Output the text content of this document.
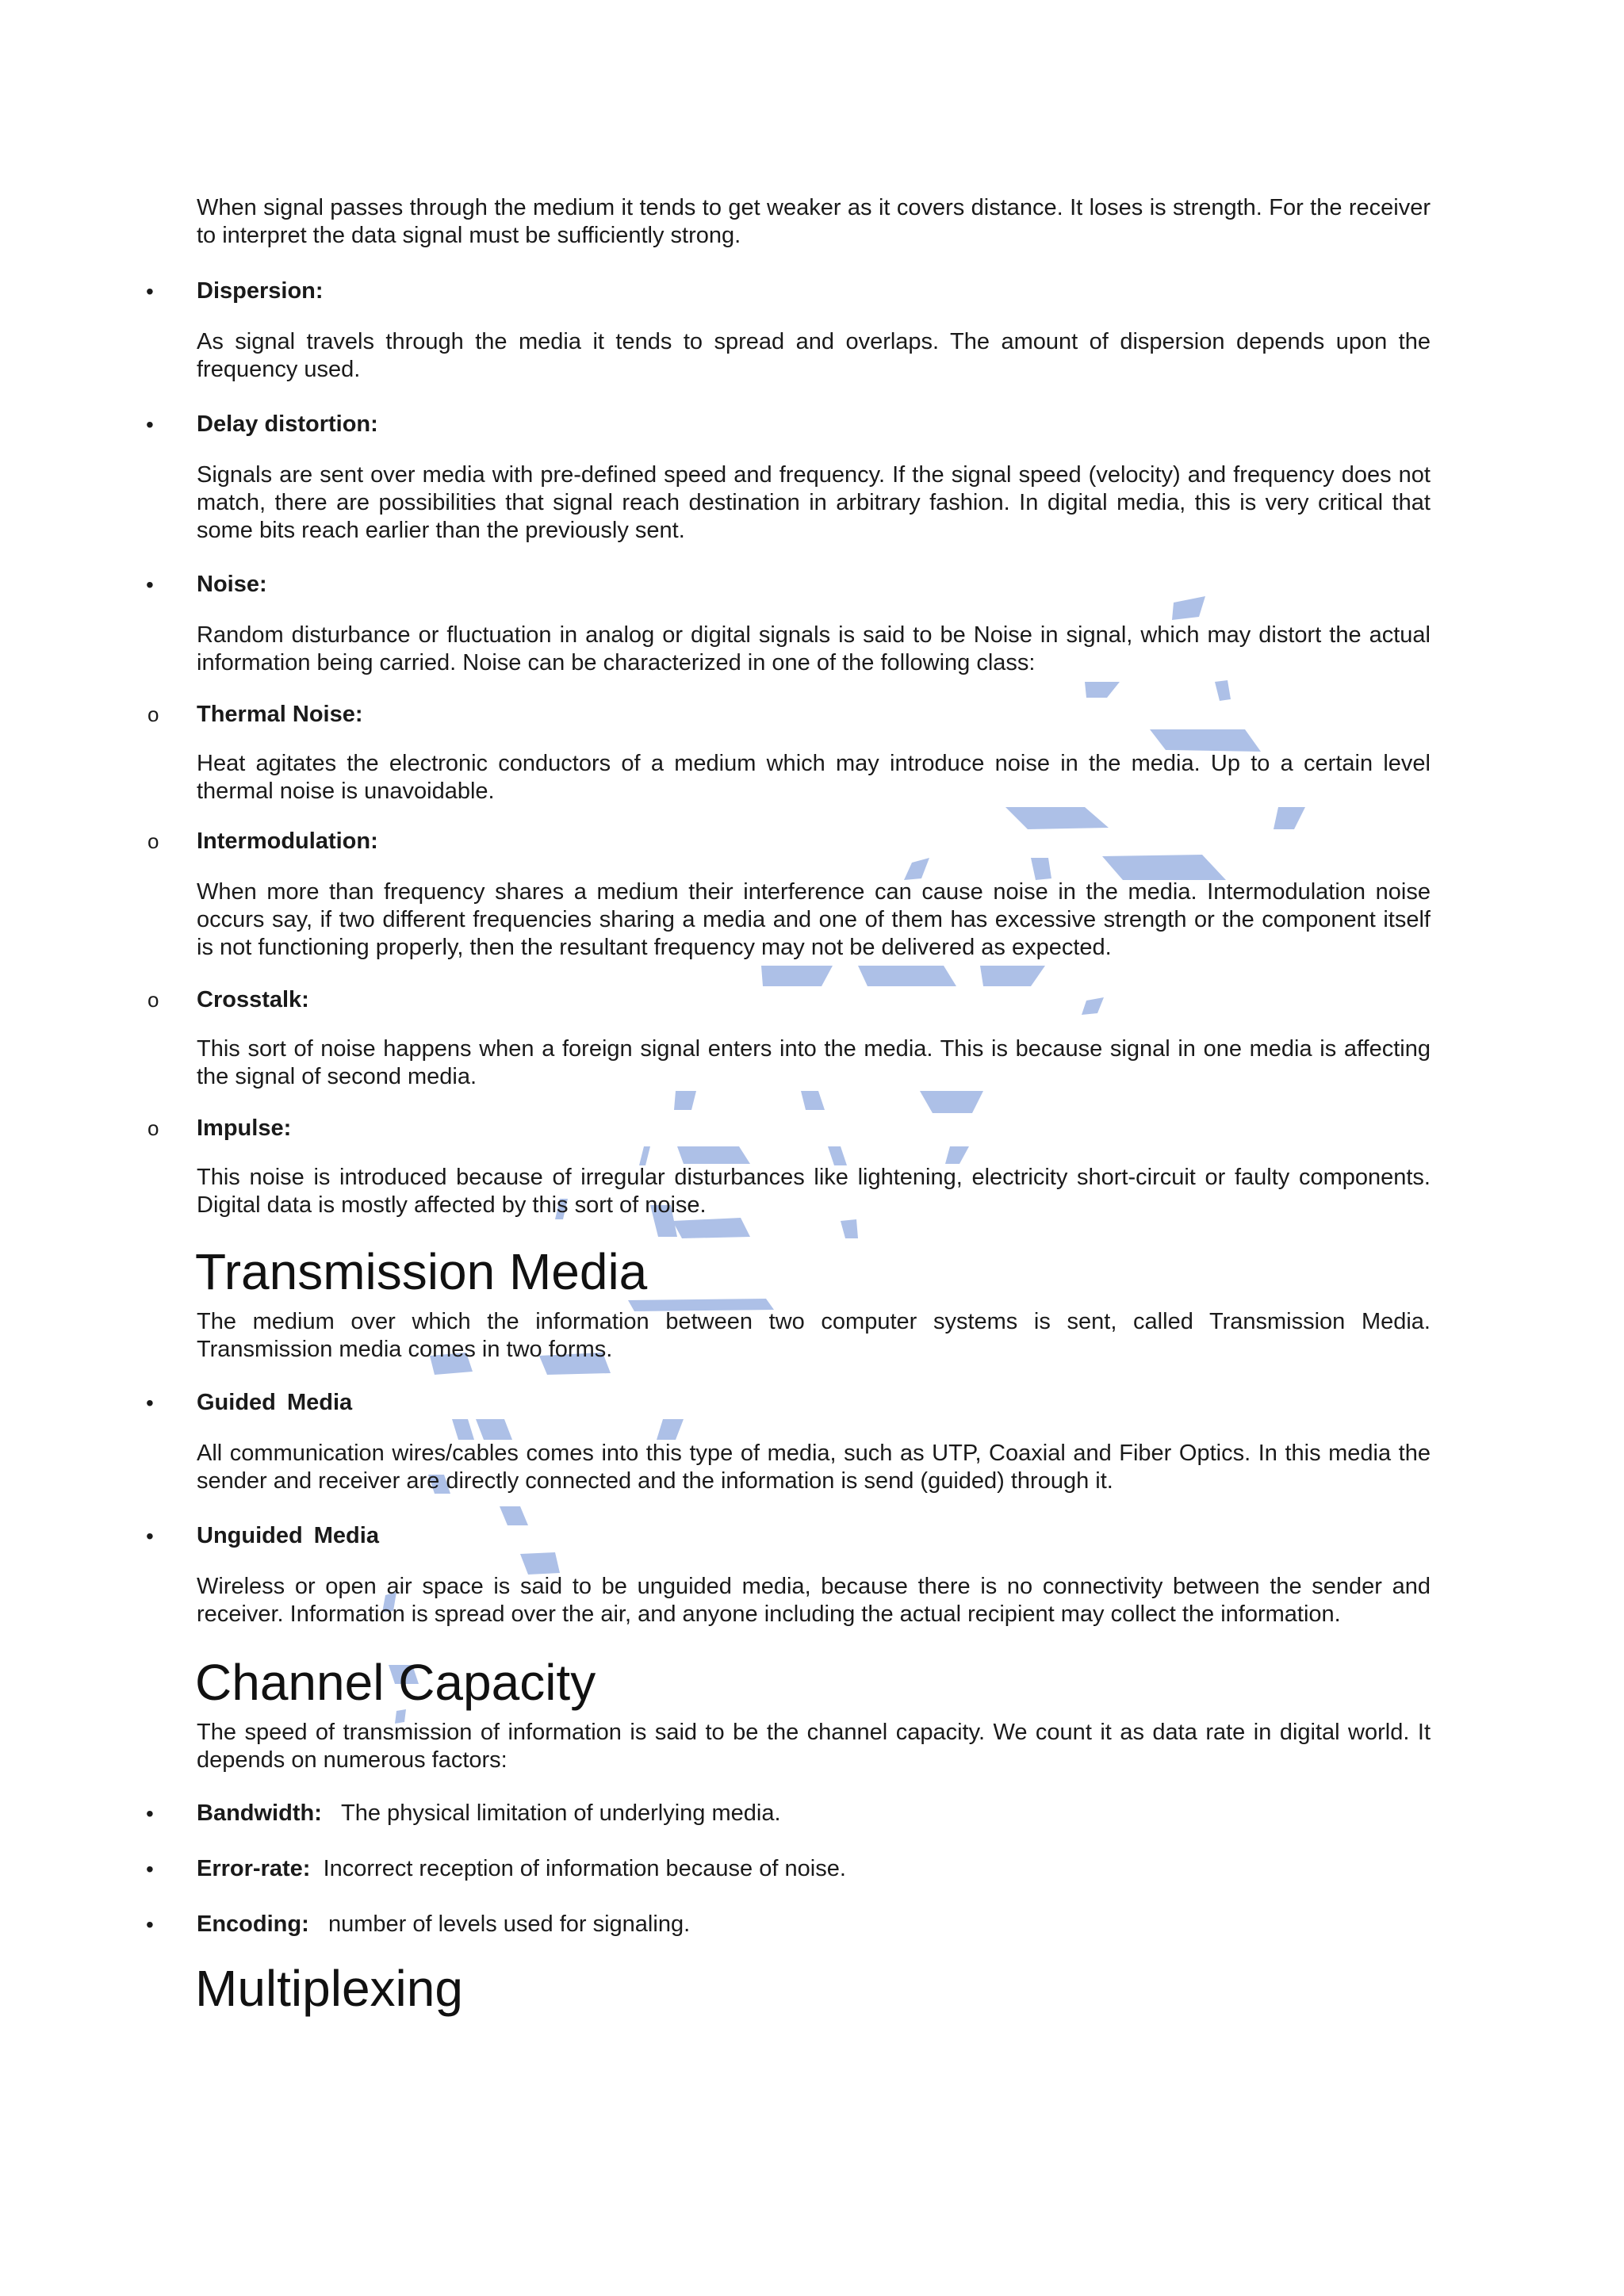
When signal passes through the medium it tends to get weaker as it covers distance. It loses is strength. For the receiver to interpret the data signal must be sufficiently strong.

•	Dispersion:

As signal travels through the media it tends to spread and overlaps. The amount of dispersion depends upon the frequency used.

•	Delay distortion:

Signals are sent over media with pre-defined speed and frequency. If the signal speed (velocity) and frequency does not match, there are possibilities that signal reach destination in arbitrary fashion. In digital media, this is very critical that some bits reach earlier than the previously sent.

•	Noise:

Random disturbance or fluctuation in analog or digital signals is said to be Noise in signal, which may distort the actual information being carried. Noise can be characterized in one of the following class:

o Thermal Noise:

Heat agitates the electronic conductors of a medium which may introduce noise in the media. Up to a certain level thermal noise is unavoidable.

o Intermodulation:

When more than frequency shares a medium their interference can cause noise in the media. Intermodulation noise occurs say, if two different frequencies sharing a media and one of them has excessive strength or the component itself is not functioning properly, then the resultant frequency may not be delivered as expected.

o Crosstalk:

This sort of noise happens when a foreign signal enters into the media. This is because signal in one media is affecting the signal of second media.

o Impulse:

This noise is introduced because of irregular disturbances like lightening, electricity short-circuit or faulty components. Digital data is mostly affected by this sort of noise.

Transmission Media

The medium over which the information between two computer systems is sent, called Transmission Media. Transmission media comes in two forms.

•	Guided Media

All communication wires/cables comes into this type of media, such as UTP, Coaxial and Fiber Optics. In this media the sender and receiver are directly connected and the information is send (guided) through it.

•	Unguided Media

Wireless or open air space is said to be unguided media, because there is no connectivity between the sender and receiver. Information is spread over the air, and anyone including the actual recipient may collect the information.

Channel Capacity

The speed of transmission of information is said to be the channel capacity. We count it as data rate in digital world. It depends on numerous factors:

•	Bandwidth: The physical limitation of underlying media.

•	Error-rate: Incorrect reception of information because of noise.

•	Encoding: number of levels used for signaling.

Multiplexing
